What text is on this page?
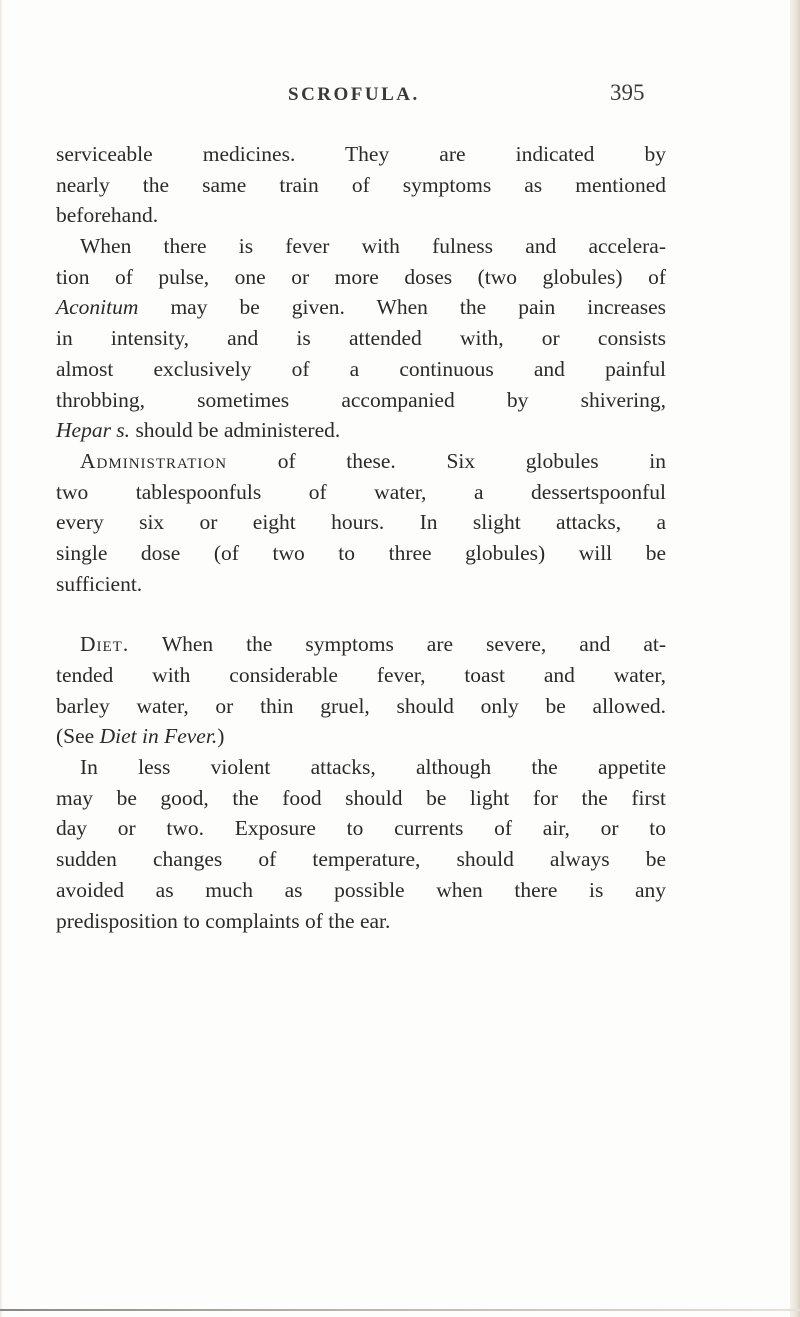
SCROFULA.	395
serviceable medicines. They are indicated by
nearly the same train of symptoms as mentioned
beforehand.
When there is fever with fulness and accelera-
tion of pulse, one or more doses (two globules) of
Aconitum may be given. When the pain increases
in intensity, and is attended with, or consists
almost exclusively of a continuous and painful
throbbing, sometimes accompanied by shivering,
Hepar s. should be administered.
Administration of these. Six globules in
two tablespoonfuls of water, a dessertspoonful
every six or eight hours. In slight attacks, a
single dose (of two to three globules) will be
sufficient.
Diet. When the symptoms are severe, and at-
tended with considerable fever, toast and water,
barley water, or thin gruel, should only be allowed.
(See Diet in Fever.)
In less violent attacks, although the appetite
may be good, the food should be light for the first
day or two. Exposure to currents of air, or to
sudden changes of temperature, should always be
avoided as much as possible when there is any
predisposition to complaints of the ear.
